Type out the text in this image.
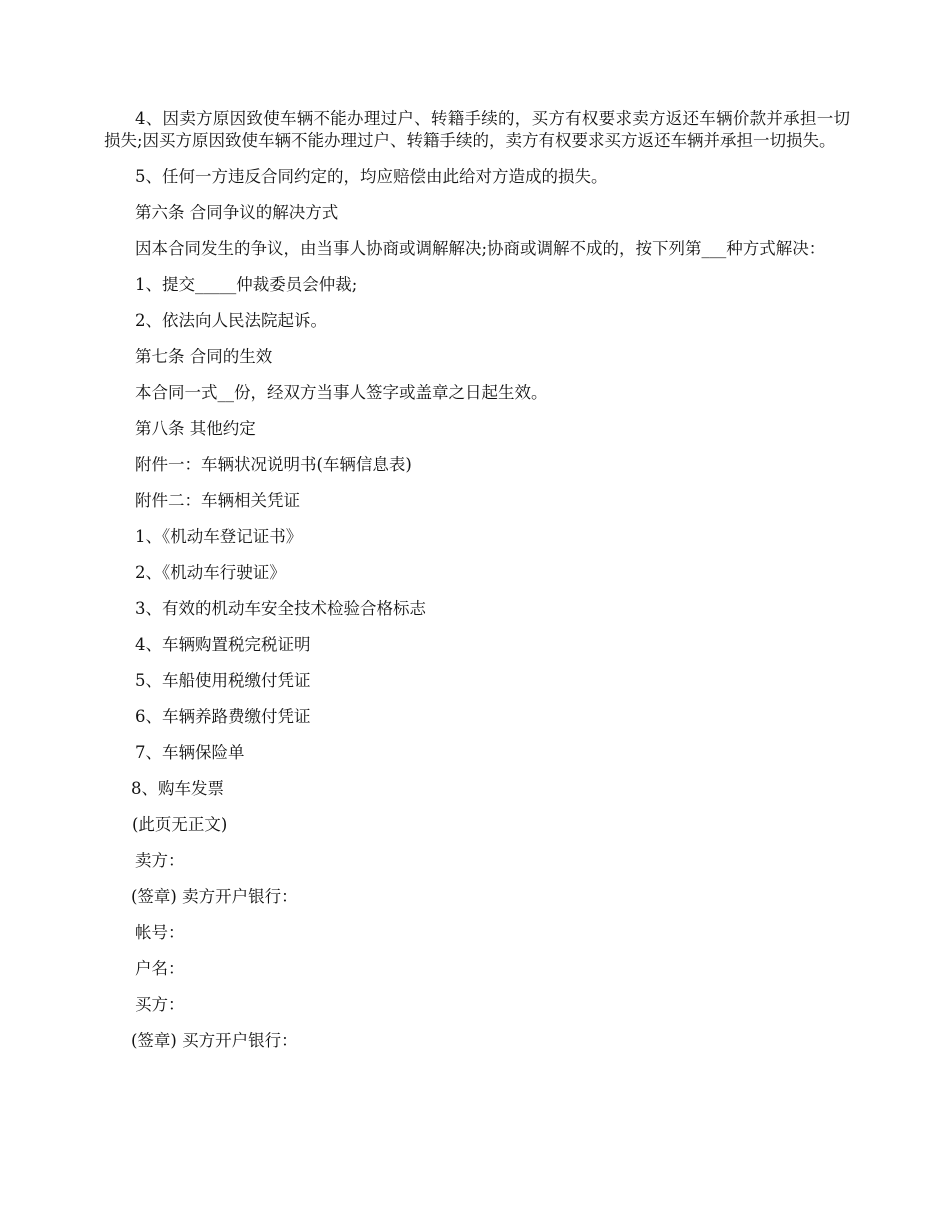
4、因卖方原因致使车辆不能办理过户、转籍手续的，买方有权要求卖方返还车辆价款并承担一切损失;因买方原因致使车辆不能办理过户、转籍手续的，卖方有权要求买方返还车辆并承担一切损失。

5、任何一方违反合同约定的，均应赔偿由此给对方造成的损失。

第六条 合同争议的解决方式

因本合同发生的争议，由当事人协商或调解解决;协商或调解不成的，按下列第___种方式解决：

1、提交_____仲裁委员会仲裁;

2、依法向人民法院起诉。

第七条 合同的生效

本合同一式__份，经双方当事人签字或盖章之日起生效。

第八条 其他约定

附件一：车辆状况说明书(车辆信息表)

附件二：车辆相关凭证

1、《机动车登记证书》

2、《机动车行驶证》

3、有效的机动车安全技术检验合格标志

4、车辆购置税完税证明

5、车船使用税缴付凭证

6、车辆养路费缴付凭证

7、车辆保险单

8、购车发票

(此页无正文)

卖方：

(签章) 卖方开户银行：

帐号：

户名：

买方：

(签章) 买方开户银行：
